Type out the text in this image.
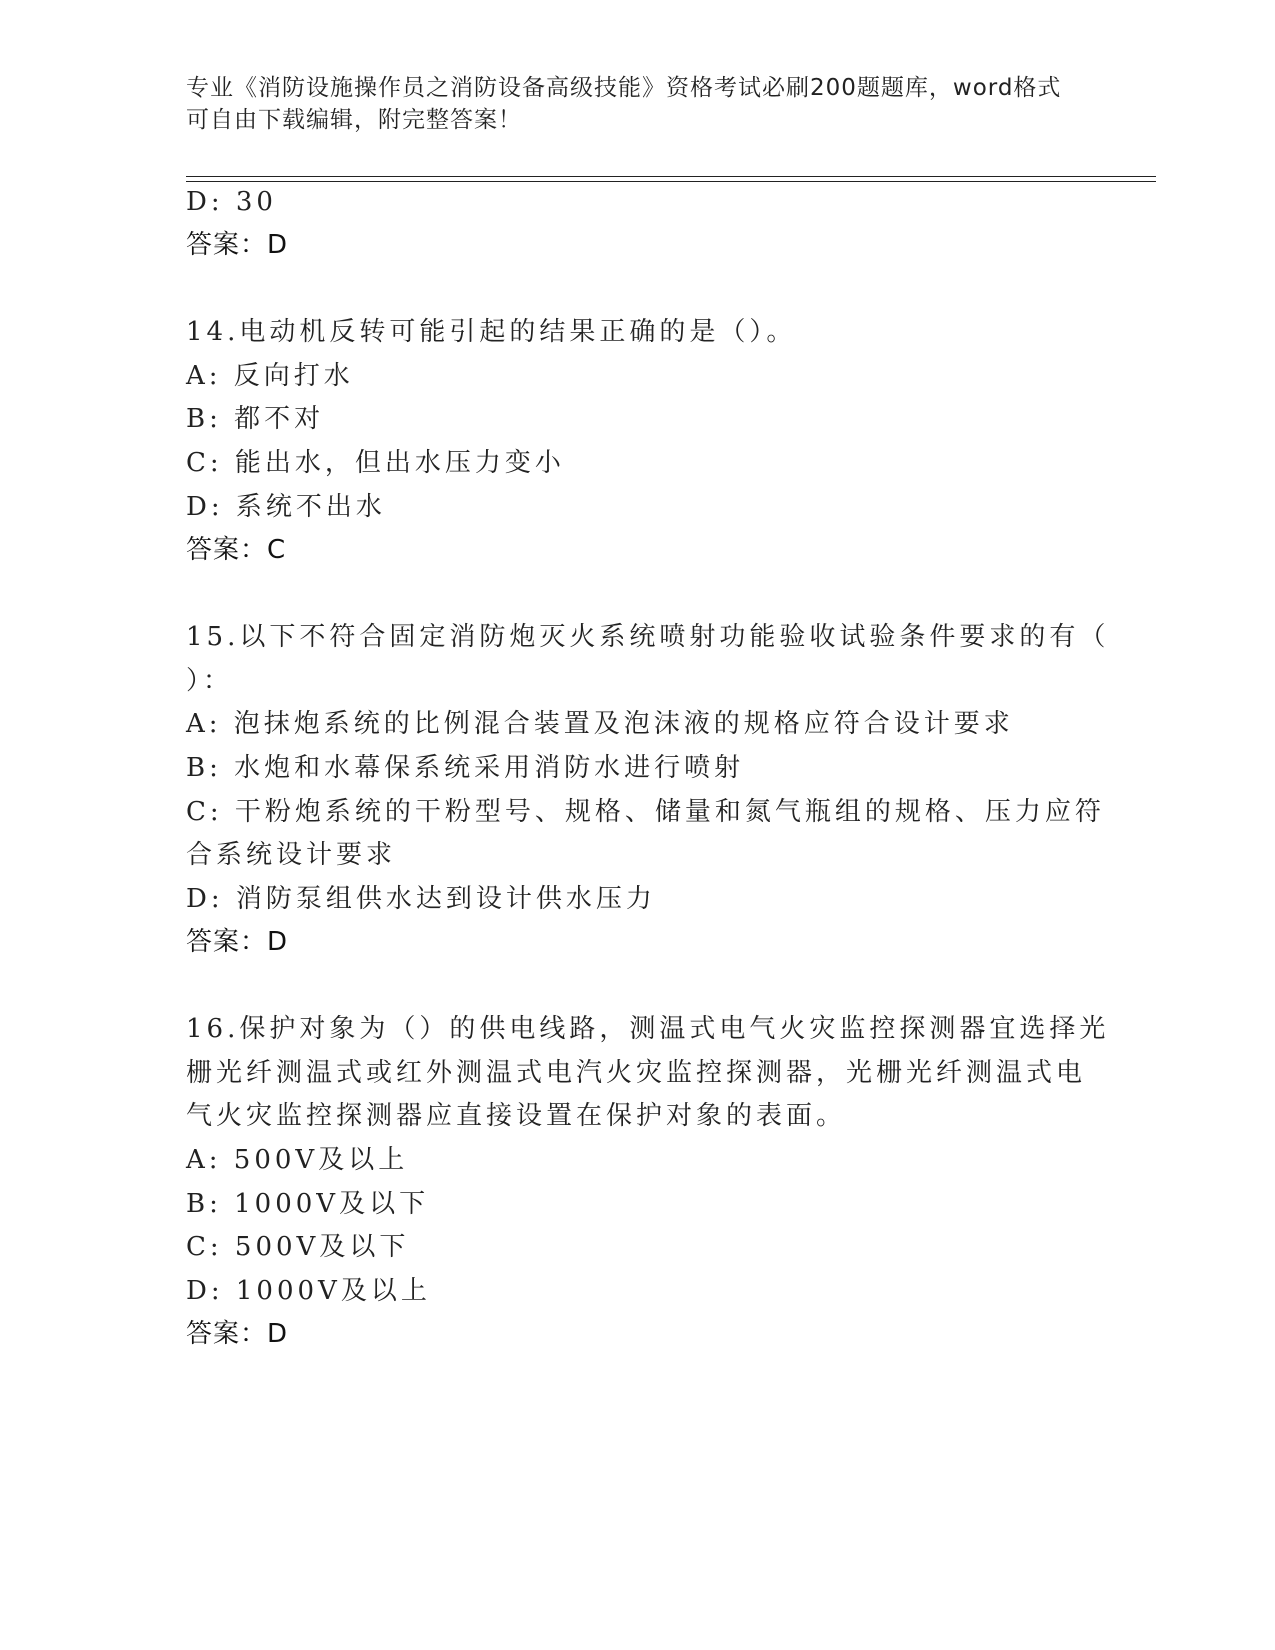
专业《消防设施操作员之消防设备高级技能》资格考试必刷200题题库，word格式可自由下载编辑，附完整答案！
D: 30
答案：D
14.电动机反转可能引起的结果正确的是（）。
A: 反向打水
B: 都不对
C: 能出水，但出水压力变小
D: 系统不出水
答案：C
15.以下不符合固定消防炮灭火系统喷射功能验收试验条件要求的有（
）：
A: 泡抹炮系统的比例混合装置及泡沫液的规格应符合设计要求
B: 水炮和水幕保系统采用消防水进行喷射
C: 干粉炮系统的干粉型号、规格、储量和氮气瓶组的规格、压力应符
合系统设计要求
D: 消防泵组供水达到设计供水压力
答案：D
16.保护对象为（）的供电线路，测温式电气火灾监控探测器宜选择光
栅光纤测温式或红外测温式电汽火灾监控探测器，光栅光纤测温式电
气火灾监控探测器应直接设置在保护对象的表面。
A: 500V及以上
B: 1000V及以下
C: 500V及以下
D: 1000V及以上
答案：D
